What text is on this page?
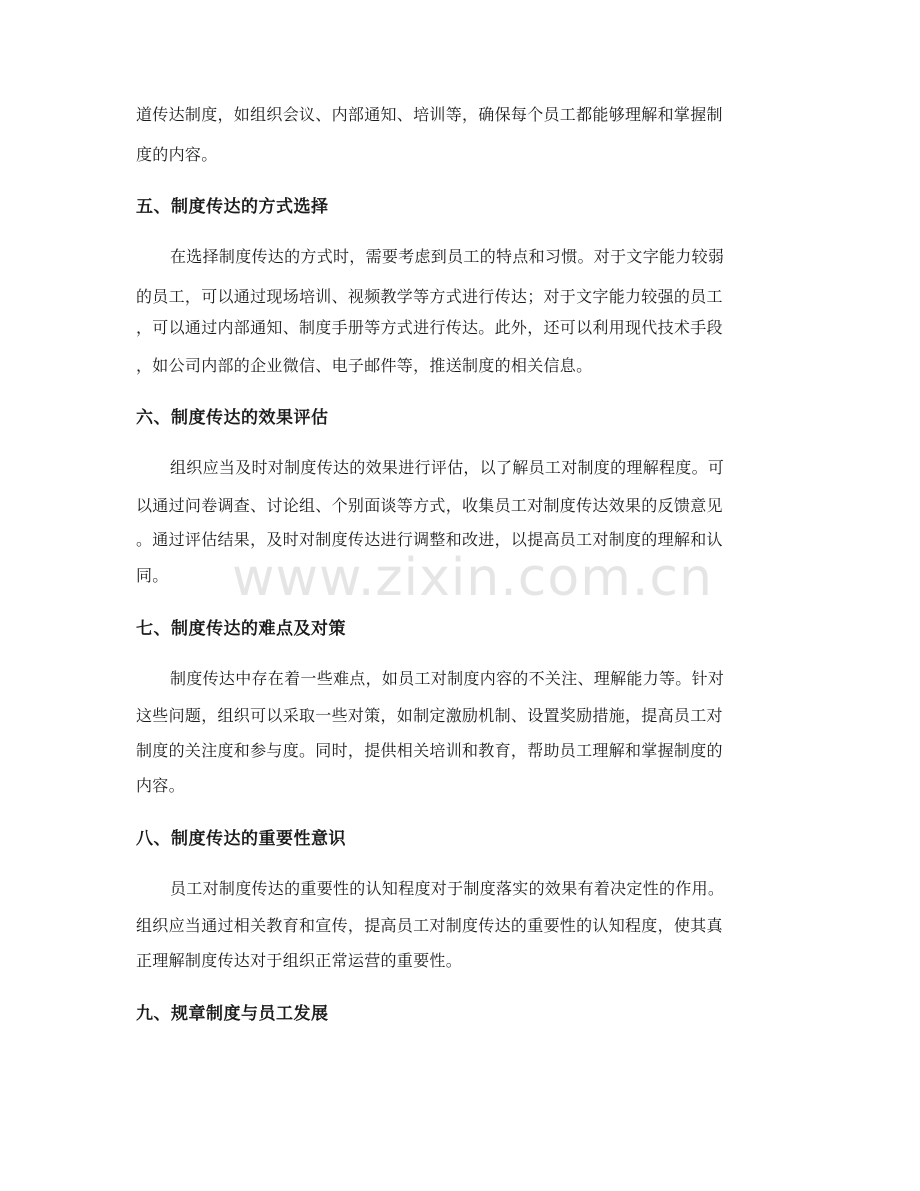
道传达制度，如组织会议、内部通知、培训等，确保每个员工都能够理解和掌握制
度的内容。
五、制度传达的方式选择
在选择制度传达的方式时，需要考虑到员工的特点和习惯。对于文字能力较弱
的员工，可以通过现场培训、视频教学等方式进行传达；对于文字能力较强的员工
，可以通过内部通知、制度手册等方式进行传达。此外，还可以利用现代技术手段
，如公司内部的企业微信、电子邮件等，推送制度的相关信息。
六、制度传达的效果评估
组织应当及时对制度传达的效果进行评估，以了解员工对制度的理解程度。可
以通过问卷调查、讨论组、个别面谈等方式，收集员工对制度传达效果的反馈意见
。通过评估结果，及时对制度传达进行调整和改进，以提高员工对制度的理解和认
同。
七、制度传达的难点及对策
制度传达中存在着一些难点，如员工对制度内容的不关注、理解能力等。针对
这些问题，组织可以采取一些对策，如制定激励机制、设置奖励措施，提高员工对
制度的关注度和参与度。同时，提供相关培训和教育，帮助员工理解和掌握制度的
内容。
八、制度传达的重要性意识
员工对制度传达的重要性的认知程度对于制度落实的效果有着决定性的作用。
组织应当通过相关教育和宣传，提高员工对制度传达的重要性的认知程度，使其真
正理解制度传达对于组织正常运营的重要性。
九、规章制度与员工发展
www.zixin.com.cn
